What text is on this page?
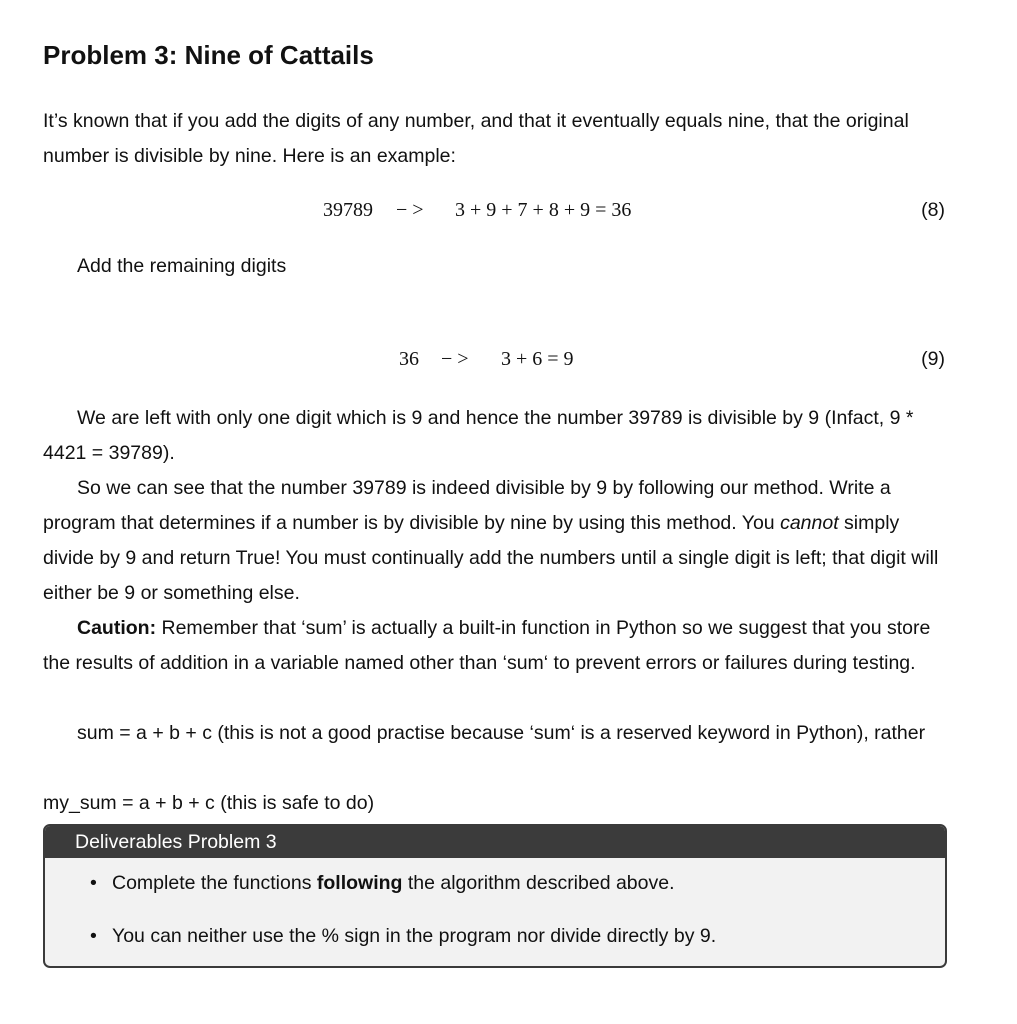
Problem 3: Nine of Cattails

It’s known that if you add the digits of any number, and that it eventually equals nine, that the original number is divisible by nine. Here is an example:

39789 − > 3 + 9 + 7 + 8 + 9 = 36	(8)
Add the remaining digits
36 − > 3 + 6 = 9	(9)

We are left with only one digit which is 9 and hence the number 39789 is divisible by 9 (Infact, 9 * 4421 = 39789).

So we can see that the number 39789 is indeed divisible by 9 by following our method. Write a program that determines if a number is by divisible by nine by using this method. You cannot simply divide by 9 and return True! You must continually add the numbers until a single digit is left; that digit will either be 9 or something else.

Caution: Remember that ‘sum’ is actually a built-in function in Python so we suggest that you store the results of addition in a variable named other than ‘sum‘ to prevent errors or failures during testing.

sum = a + b + c (this is not a good practise because ‘sum‘ is a reserved keyword in Python), rather

my_sum = a + b + c (this is safe to do)

Deliverables Problem 3
• Complete the functions following the algorithm described above.
• You can neither use the % sign in the program nor divide directly by 9.
